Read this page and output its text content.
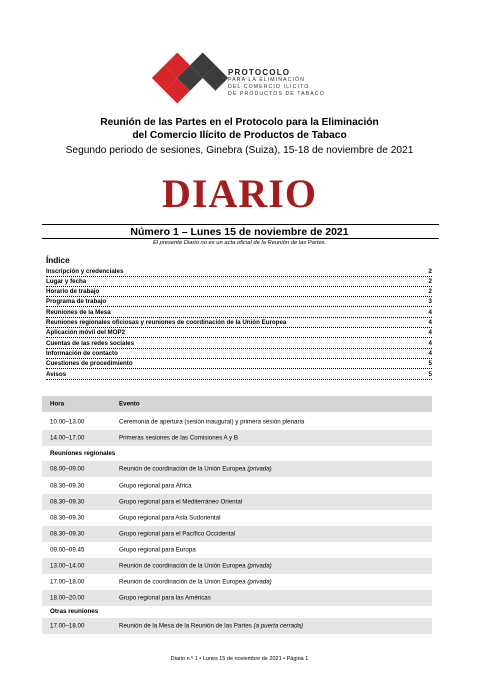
PROTOCOLO
PARA LA ELIMINACIÓN
DEL COMERCIO ILÍCITO
DE PRODUCTOS DE TABACO
Reunión de las Partes en el Protocolo para la Eliminación
del Comercio Ilícito de Productos de Tabaco
Segundo periodo de sesiones, Ginebra (Suiza), 15-18 de noviembre de 2021
DIARIO
Número 1 – Lunes 15 de noviembre de 2021
El presente Diario no es un acta oficial de la Reunión de las Partes.
Índice
Inscripción y credenciales	2
Lugar y fecha	2
Horario de trabajo	2
Programa de trabajo	3
Reuniones de la Mesa	4
Reuniones regionales oficiosas y reuniones de coordinación de la Unión Europea	4
Aplicación móvil del MOP2	4
Cuentas de las redes sociales	4
Información de contacto	4
Cuestiones de procedimiento	5
Avisos	5
Hora	Evento
10.00–13.00	Ceremonia de apertura (sesión inaugural) y primera sesión plenaria
14.00–17.00	Primeras sesiones de las Comisiones A y B
Reuniones regionales
08.00–09.00	Reunión de coordinación de la Unión Europea (privada)
08.30–09.30	Grupo regional para África
08.30–09.30	Grupo regional para el Mediterráneo Oriental
08.30–09.30	Grupo regional para Asia Sudoriental
08.30–09.30	Grupo regional para el Pacífico Occidental
09.00–09.45	Grupo regional para Europa
13.00–14.00	Reunión de coordinación de la Unión Europea (privada)
17.00–18.00	Reunión de coordinación de la Unión Europea (privada)
18.00–20.00	Grupo regional para las Américas
Otras reuniones
17.00–18.00	Reunión de la Mesa de la Reunión de las Partes (a puerta cerrada)
Diario n.º 1 • Lunes 15 de noviembre de 2021 • Página 1
